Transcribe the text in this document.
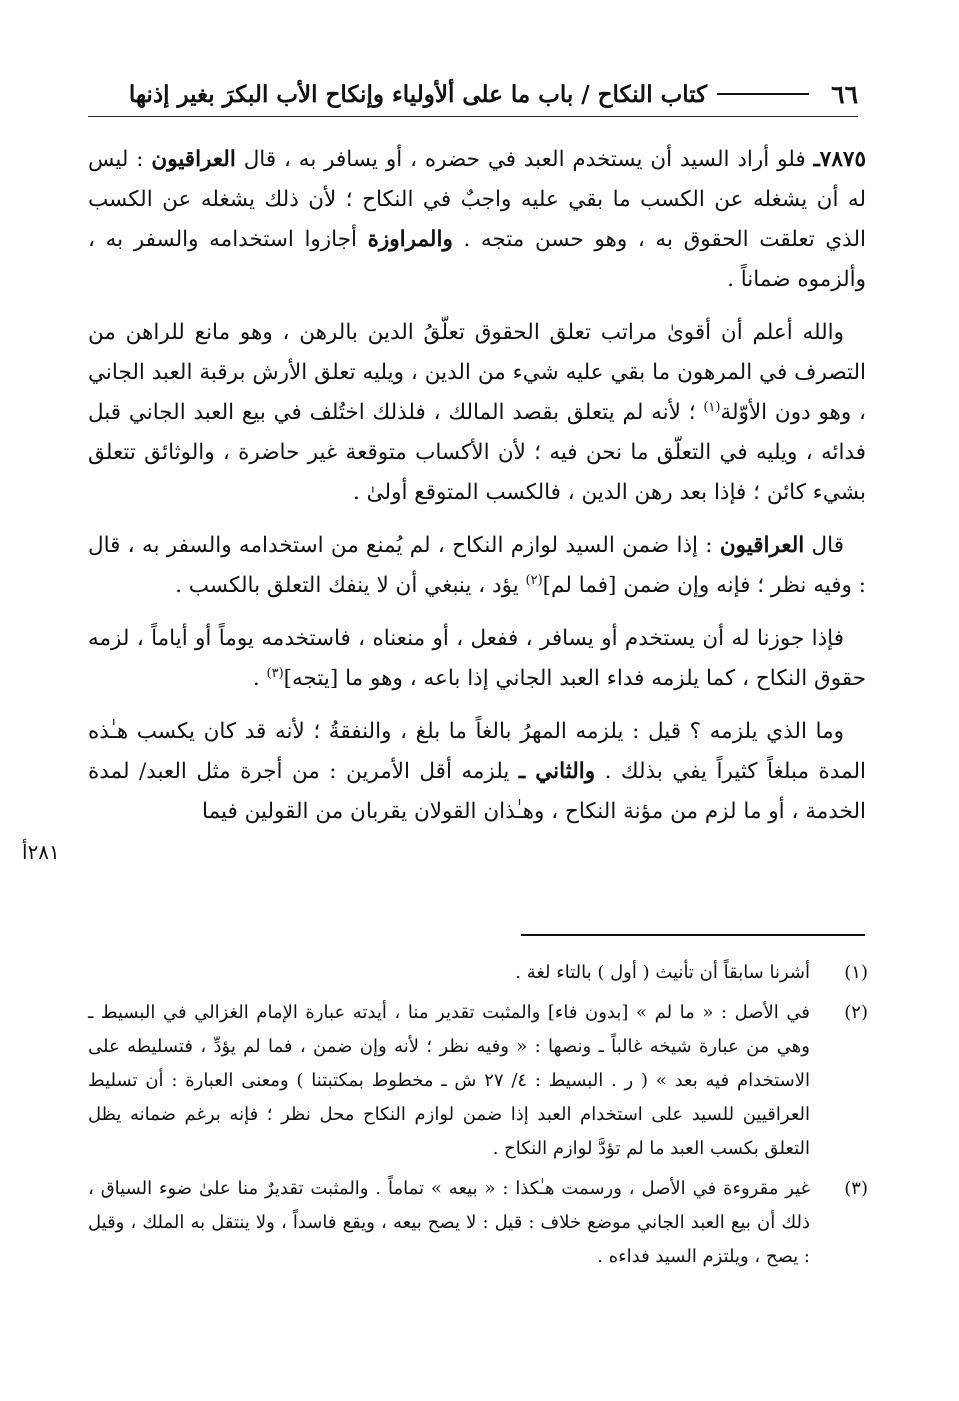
٦٦
كتاب النكاح / باب ما على ألأولياء وإنكاح الأب البكرَ بغير إذنها

٧٨٧٥ـ فلو أراد السيد أن يستخدم العبد في حضره ، أو يسافر به ، قال العراقيون : ليس له أن يشغله عن الكسب ما بقي عليه واجبٌ في النكاح ؛ لأن ذلك يشغله عن الكسب الذي تعلقت الحقوق به ، وهو حسن متجه . والمراوزة أجازوا استخدامه والسفر به ، وألزموه ضماناً .

والله أعلم أن أقوىٰ مراتب تعلق الحقوق تعلّقُ الدين بالرهن ، وهو مانع للراهن من التصرف في المرهون ما بقي عليه شيء من الدين ، ويليه تعلق الأرش برقبة العبد الجاني ، وهو دون الأوّلة$^{(١)}$ ؛ لأنه لم يتعلق بقصد المالك ، فلذلك اختُلف في بيع العبد الجاني قبل فدائه ، ويليه في التعلّق ما نحن فيه ؛ لأن الأكساب متوقعة غير حاضرة ، والوثائق تتعلق بشيء كائن ؛ فإذا بعد رهن الدين ، فالكسب المتوقع أولىٰ .

قال العراقيون : إذا ضمن السيد لوازم النكاح ، لم يُمنع من استخدامه والسفر به ، قال : وفيه نظر ؛ فإنه وإن ضمن [فما لم]$^{(٢)}$ يؤد ، ينبغي أن لا ينفك التعلق بالكسب .

فإذا جوزنا له أن يستخدم أو يسافر ، ففعل ، أو منعناه ، فاستخدمه يوماً أو أياماً ، لزمه حقوق النكاح ، كما يلزمه فداء العبد الجاني إذا باعه ، وهو ما [يتجه]$^{(٣)}$ .

وما الذي يلزمه ؟ قيل : يلزمه المهرُ بالغاً ما بلغ ، والنفقةُ ؛ لأنه قد كان يكسب هـٰذه المدة مبلغاً كثيراً يفي بذلك . والثاني ـ يلزمه أقل الأمرين : من أجرة مثل العبد/ لمدة الخدمة ، أو ما لزم من مؤنة النكاح ، وهـٰذان القولان يقربان من القولين فيما

٢٨١أ
(١)
أشرنا سابقاً أن تأنيث ( أول ) بالتاء لغة .
(٢)
في الأصل : « ما لم » [بدون فاء] والمثبت تقدير منا ، أيدته عبارة الإمام الغزالي في البسيط ـ وهي من عبارة شيخه غالباً ـ ونصها : « وفيه نظر ؛ لأنه وإن ضمن ، فما لم يؤدِّ ، فتسليطه على الاستخدام فيه بعد » ( ر . البسيط : ٤/ ٢٧ ش ـ مخطوط بمكتبتنا ) ومعنى العبارة : أن تسليط العراقيين للسيد على استخدام العبد إذا ضمن لوازم النكاح محل نظر ؛ فإنه برغم ضمانه يظل التعلق بكسب العبد ما لم تؤدَّ لوازم النكاح .
(٣)
غير مقروءة في الأصل ، ورسمت هـٰكذا : « بيعه » تماماً . والمثبت تقديرٌ منا علىٰ ضوء السياق ، ذلك أن بيع العبد الجاني موضع خلاف : قيل : لا يصح بيعه ، ويقع فاسداً ، ولا ينتقل به الملك ، وقيل : يصح ، ويلتزم السيد فداءه .
